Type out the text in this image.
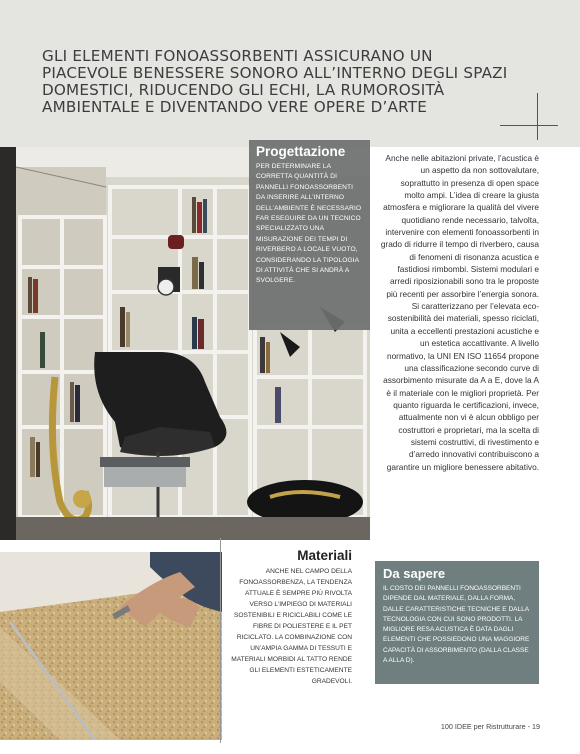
GLI ELEMENTI FONOASSORBENTI ASSICURANO UN PIACEVOLE BENESSERE SONORO ALL’INTERNO DEGLI SPAZI DOMESTICI, RIDUCENDO GLI ECHI, LA RUMOROSITÀ AMBIENTALE E DIVENTANDO VERE OPERE D’ARTE
Progettazione

PER DETERMINARE LA CORRETTA QUANTITÀ DI PANNELLI FONOASSORBENTI DA INSERIRE ALL’INTERNO DELL’AMBIENTE È NECESSARIO FAR ESEGUIRE DA UN TECNICO SPECIALIZZATO UNA MISURAZIONE DEI TEMPI DI RIVERBERO A LOCALE VUOTO, CONSIDERANDO LA TIPOLOGIA DI ATTIVITÀ CHE SI ANDRÀ A SVOLGERE.

Anche nelle abitazioni private, l’acustica è un aspetto da non sottovalutare, soprattutto in presenza di open space molto ampi. L’idea di creare la giusta atmosfera e migliorare la qualità del vivere quotidiano rende necessario, talvolta, intervenire con elementi fonoassorbenti in grado di ridurre il tempo di riverbero, causa di fenomeni di risonanza acustica e fastidiosi rimbombi. Sistemi modulari e arredi riposizionabili sono tra le proposte più recenti per assorbire l’energia sonora. Si caratterizzano per l’elevata eco-sostenibilità dei materiali, spesso riciclati, unita a eccellenti prestazioni acustiche e un estetica accattivante. A livello normativo, la UNI EN ISO 11654 propone una classificazione secondo curve di assorbimento misurate da A a E, dove la A è il materiale con le migliori proprietà. Per quanto riguarda le certificazioni, invece, attualmente non vi è alcun obbligo per costruttori e proprietari, ma la scelta di sistemi costruttivi, di rivestimento e d’arredo innovativi contribuiscono a garantire un migliore benessere abitativo.

Materiali

ANCHE NEL CAMPO DELLA FONOASSORBENZA, LA TENDENZA ATTUALE È SEMPRE PIÙ RIVOLTA VERSO L’IMPIEGO DI MATERIALI SOSTENIBILI E RICICLABILI COME LE FIBRE DI POLIESTERE E IL PET RICICLATO. LA COMBINAZIONE CON UN’AMPIA GAMMA DI TESSUTI E MATERIALI MORBIDI AL TATTO RENDE GLI ELEMENTI ESTETICAMENTE GRADEVOLI.

Da sapere

IL COSTO DEI PANNELLI FONOASSORBENTI DIPENDE DAL MATERIALE, DALLA FORMA, DALLE CARATTERISTICHE TECNICHE E DALLA TECNOLOGIA CON CUI SONO PRODOTTI. LA MIGLIORE RESA ACUSTICA È DATA DAGLI ELEMENTI CHE POSSIEDONO UNA MAGGIORE CAPACITÀ DI ASSORBIMENTO (DALLA CLASSE A ALLA D).

100 IDEE per Ristrutturare - 19
